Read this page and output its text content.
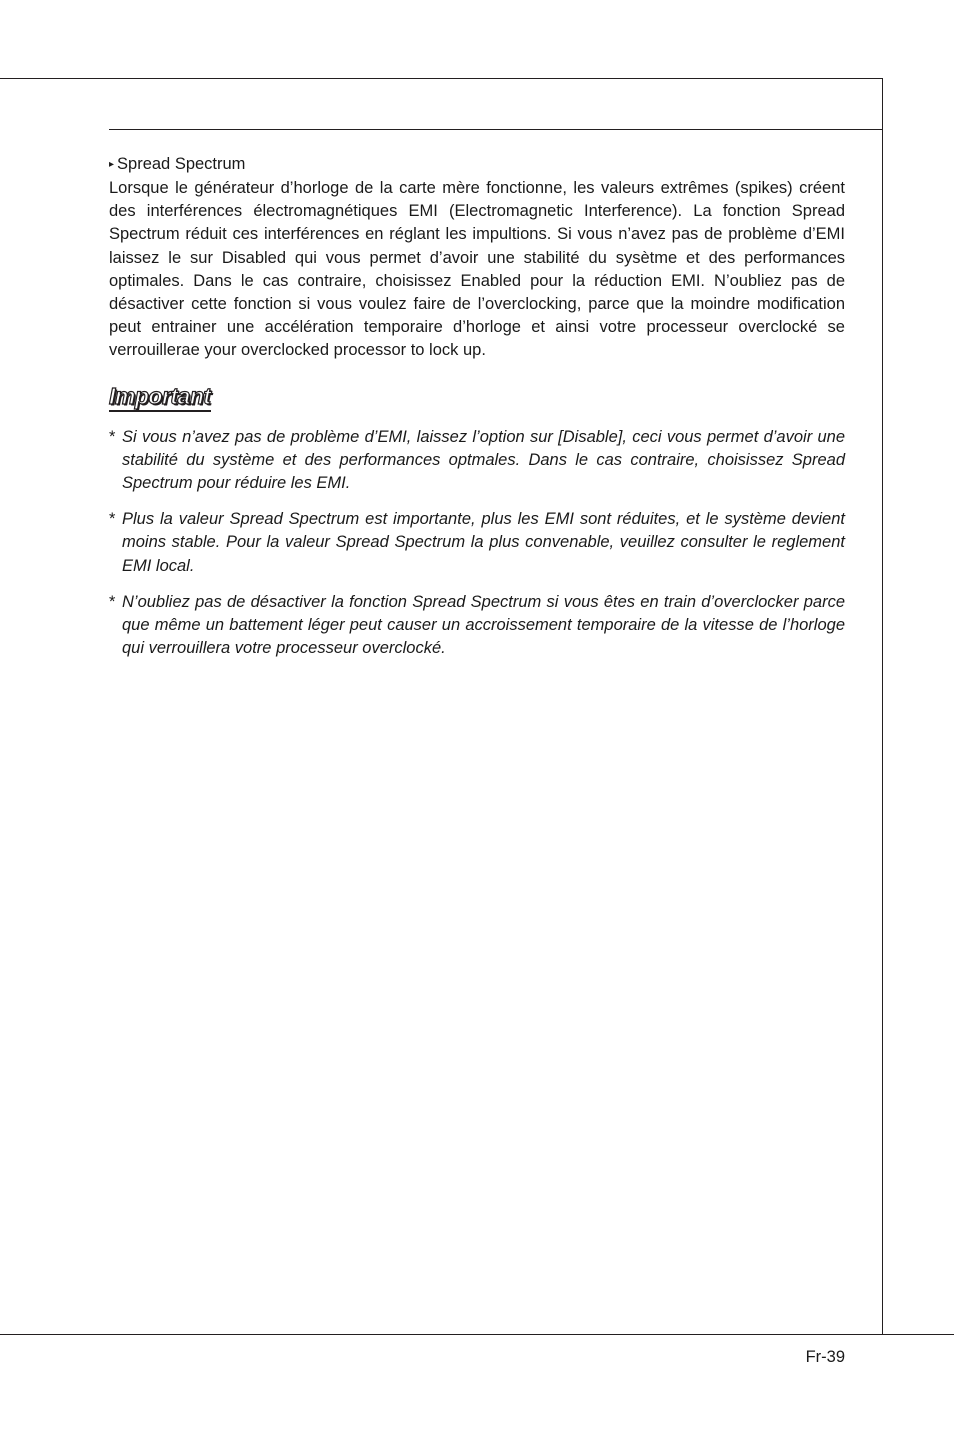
▸ Spread Spectrum

Lorsque le générateur d’horloge de la carte mère fonctionne, les valeurs extrêmes (spikes) créent des interférences électromagnétiques EMI (Electromagnetic Interference). La fonction Spread Spectrum réduit ces interférences en réglant les impultions. Si vous n’avez pas de problème d’EMI laissez le sur Disabled qui vous permet d’avoir une stabilité du sysètme et des performances optimales. Dans le cas contraire, choisissez Enabled pour la réduction EMI. N’oubliez pas de désactiver cette fonction si vous voulez faire de l’overclocking, parce que la moindre modification peut entrainer une accélération temporaire d’horloge et ainsi votre processeur overclocké se verrouillerae your overclocked processor to lock up.

Important
* Si vous n’avez pas de problème d’EMI, laissez l’option sur [Disable], ceci vous permet d’avoir une stabilité du système et des performances optmales. Dans le cas contraire, choisissez Spread Spectrum pour réduire les EMI.
* Plus la valeur Spread Spectrum est importante, plus les EMI sont réduites, et le système devient moins stable. Pour la valeur Spread Spectrum la plus convenable, veuillez consulter le reglement EMI local.
* N’oubliez pas de désactiver la fonction Spread Spectrum si vous êtes en train d’overclocker parce que même un battement léger peut causer un accroissement temporaire de la vitesse de l’horloge qui verrouillera votre processeur overclocké.
Fr-39
